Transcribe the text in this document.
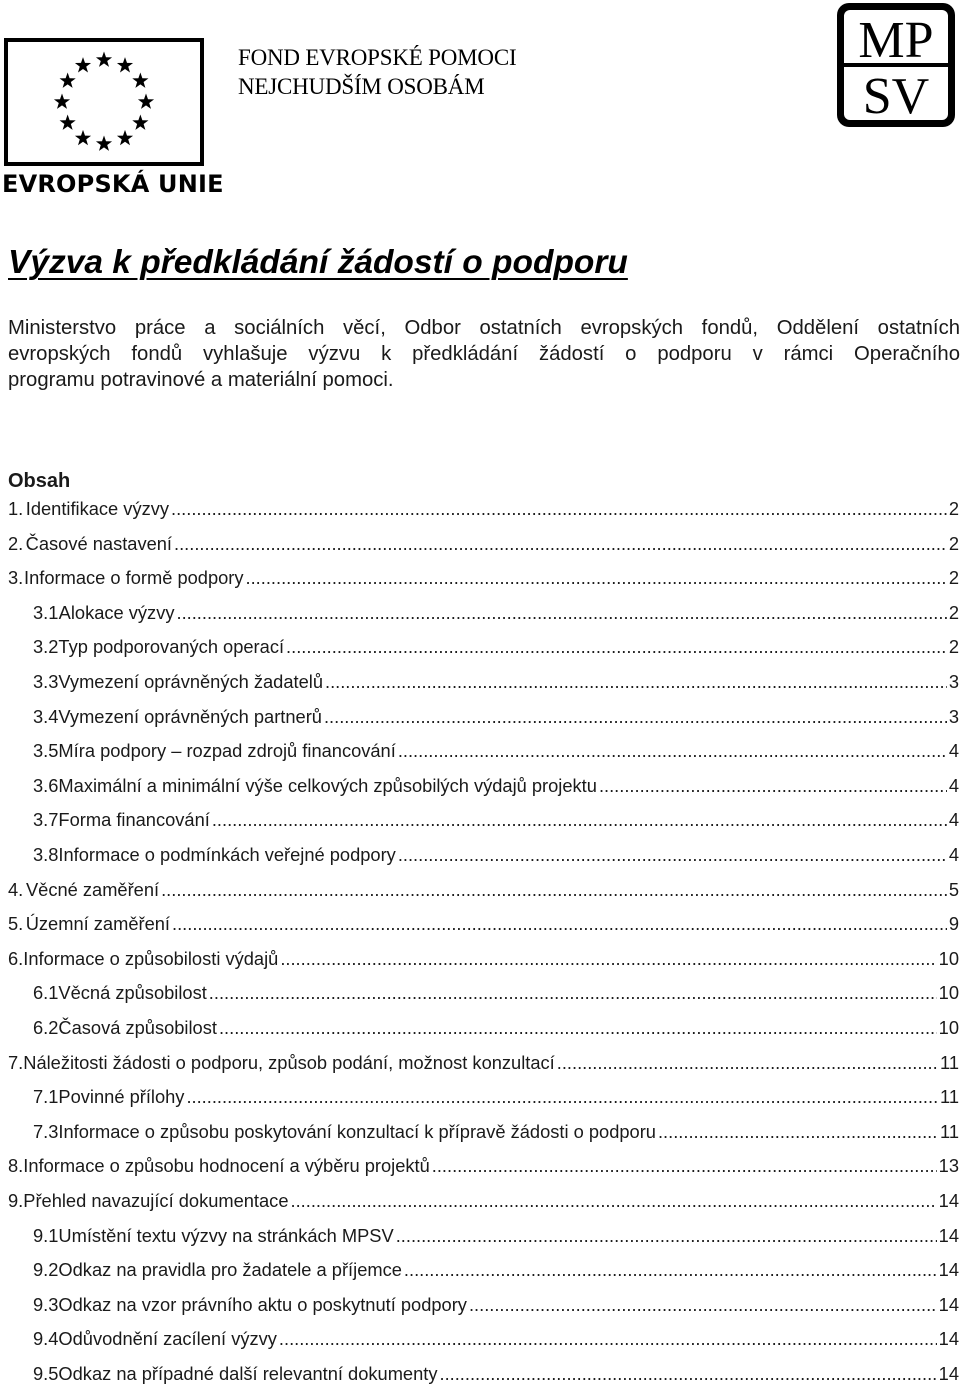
EVROPSKÁ UNIE
FOND EVROPSKÉ POMOCI
NEJCHUDŠÍM OSOBÁM
MP
SV
Výzva k předkládání žádostí o podporu
Ministerstvo práce a sociálních věcí, Odbor ostatních evropských fondů, Oddělení ostatních
evropských fondů vyhlašuje výzvu k předkládání žádostí o podporu v rámci Operačního
programu potravinové a materiální pomoci.
Obsah
1. Identifikace výzvy .....	2
2. Časové nastavení .....	2
3. Informace o formě podpory .....	2
3.1 Alokace výzvy .....	2
3.2 Typ podporovaných operací .....	2
3.3 Vymezení oprávněných žadatelů .....	3
3.4 Vymezení oprávněných partnerů .....	3
3.5 Míra podpory – rozpad zdrojů financování .....	4
3.6 Maximální a minimální výše celkových způsobilých výdajů projektu .....	4
3.7 Forma financování .....	4
3.8 Informace o podmínkách veřejné podpory .....	4
4. Věcné zaměření .....	5
5. Územní zaměření .....	9
6. Informace o způsobilosti výdajů .....	10
6.1 Věcná způsobilost .....	10
6.2 Časová způsobilost .....	10
7. Náležitosti žádosti o podporu, způsob podání, možnost konzultací .....	11
7.1 Povinné přílohy .....	11
7.3 Informace o způsobu poskytování konzultací k přípravě žádosti o podporu .....	11
8. Informace o způsobu hodnocení a výběru projektů .....	13
9. Přehled navazující dokumentace .....	14
9.1 Umístění textu výzvy na stránkách MPSV .....	14
9.2 Odkaz na pravidla pro žadatele a příjemce .....	14
9.3 Odkaz na vzor právního aktu o poskytnutí podpory .....	14
9.4 Odůvodnění zacílení výzvy .....	14
9.5 Odkaz na případné další relevantní dokumenty .....	14
